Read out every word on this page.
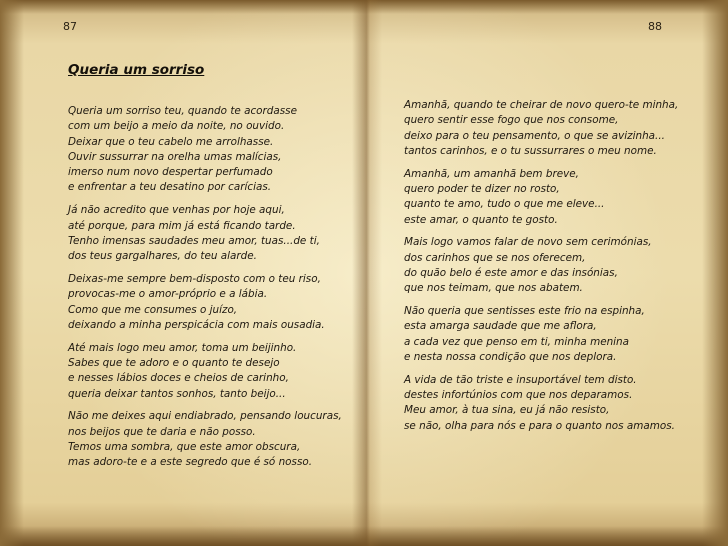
87	88
Queria um sorriso

Queria um sorriso teu, quando te acordasse
com um beijo a meio da noite, no ouvido.
Deixar que o teu cabelo me arrolhasse.
Ouvir sussurrar na orelha umas malícias,
imerso num novo despertar perfumado
e enfrentar a teu desatino por carícias.

Já não acredito que venhas por hoje aqui,
até porque, para mim já está ficando tarde.
Tenho imensas saudades meu amor, tuas...de ti,
dos teus gargalhares, do teu alarde.

Deixas-me sempre bem-disposto com o teu riso,
provocas-me o amor-próprio e a lábia.
Como que me consumes o juízo,
deixando a minha perspicácia com mais ousadia.

Até mais logo meu amor, toma um beijinho.
Sabes que te adoro e o quanto te desejo
e nesses lábios doces e cheios de carinho,
queria deixar tantos sonhos, tanto beijo...

Não me deixes aqui endiabrado, pensando loucuras,
nos beijos que te daria e não posso.
Temos uma sombra, que este amor obscura,
mas adoro-te e a este segredo que é só nosso.

Amanhã, quando te cheirar de novo quero-te minha,
quero sentir esse fogo que nos consome,
deixo para o teu pensamento, o que se avizinha...
tantos carinhos, e o tu sussurrares o meu nome.

Amanhã, um amanhã bem breve,
quero poder te dizer no rosto,
quanto te amo, tudo o que me eleve...
este amar, o quanto te gosto.

Mais logo vamos falar de novo sem cerimónias,
dos carinhos que se nos oferecem,
do quão belo é este amor e das insónias,
que nos teimam, que nos abatem.

Não queria que sentisses este frio na espinha,
esta amarga saudade que me aflora,
a cada vez que penso em ti, minha menina
e nesta nossa condição que nos deplora.

A vida de tão triste e insuportável tem disto.
destes infortúnios com que nos deparamos.
Meu amor, à tua sina, eu já não resisto,
se não, olha para nós e para o quanto nos amamos.
